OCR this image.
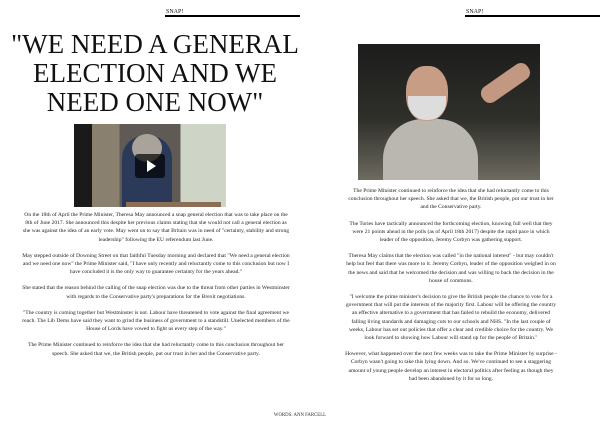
SNAP!	SNAP!
"WE NEED A GENERAL ELECTION AND WE NEED ONE NOW"

On the 18th of April the Prime Minister, Theresa May announced a snap general election that was to take place on the 8th of June 2017. She announced this despite her previous claims stating that she would not call a general election as she was against the idea of an early vote. May went on to say that Britain was in need of "certainty, stability and strong leadership" following the EU referendum last June.

May stepped outside of Downing Street on that faithful Tuesday morning and declared that "We need a general election and we need one now" the Prime Minister said, "I have only recently and reluctantly come to this conclusion but now I have concluded it is the only way to guarantee certainty for the years ahead."

She stated that the reason behind the calling of the snap election was due to the threat from other parties in Westminster with regards to the Conservative party's preparations for the Brexit negotiations.

"The country is coming together but Westminster is not. Labour have threatened to vote against the final agreement we reach. The Lib Dems have said they want to grind the business of government to a standstill. Unelected members of the House of Lords have vowed to fight us every step of the way."

The Prime Minister continued to reinforce the idea that she had reluctantly come to this conclusion throughout her speech. She asked that we, the British people, put our trust in her and the Conservative party.

The Prime Minister continued to reinforce the idea that she had reluctantly come to this conclusion throughout her speech. She asked that we, the British people, put our trust in her and the Conservative party.

The Tories have tactically announced the forthcoming election, knowing full well that they were 21 points ahead in the polls (as of April 18th 2017) despite the rapid pace in which leader of the opposition, Jeremy Corbyn was gathering support.

Theresa May claims that the election was called "in the national interest" - but may couldn't help but feel that there was more to it. Jeremy Corbyn, leader of the opposition weighed in on the news and said that he welcomed the decision and was willing to back the decision in the house of commons.

"I welcome the prime minister's decision to give the British people the chance to vote for a government that will put the interests of the majority first. Labour will be offering the country an effective alternative to a government that has failed to rebuild the economy, delivered falling living standards and damaging cuts to our schools and NHS. "In the last couple of weeks, Labour has set out policies that offer a clear and credible choice for the country. We look forward to showing how Labour will stand up for the people of Britain."

However, what happened over the next few weeks was to take the Prime Minister by surprise - Corbyn wasn't going to take this lying down. And so. We've continued to see a staggering amount of young people develop an interest in electoral politics after feeling as though they had been abandoned by it for so long.

WORDS: ANN FARCELL
